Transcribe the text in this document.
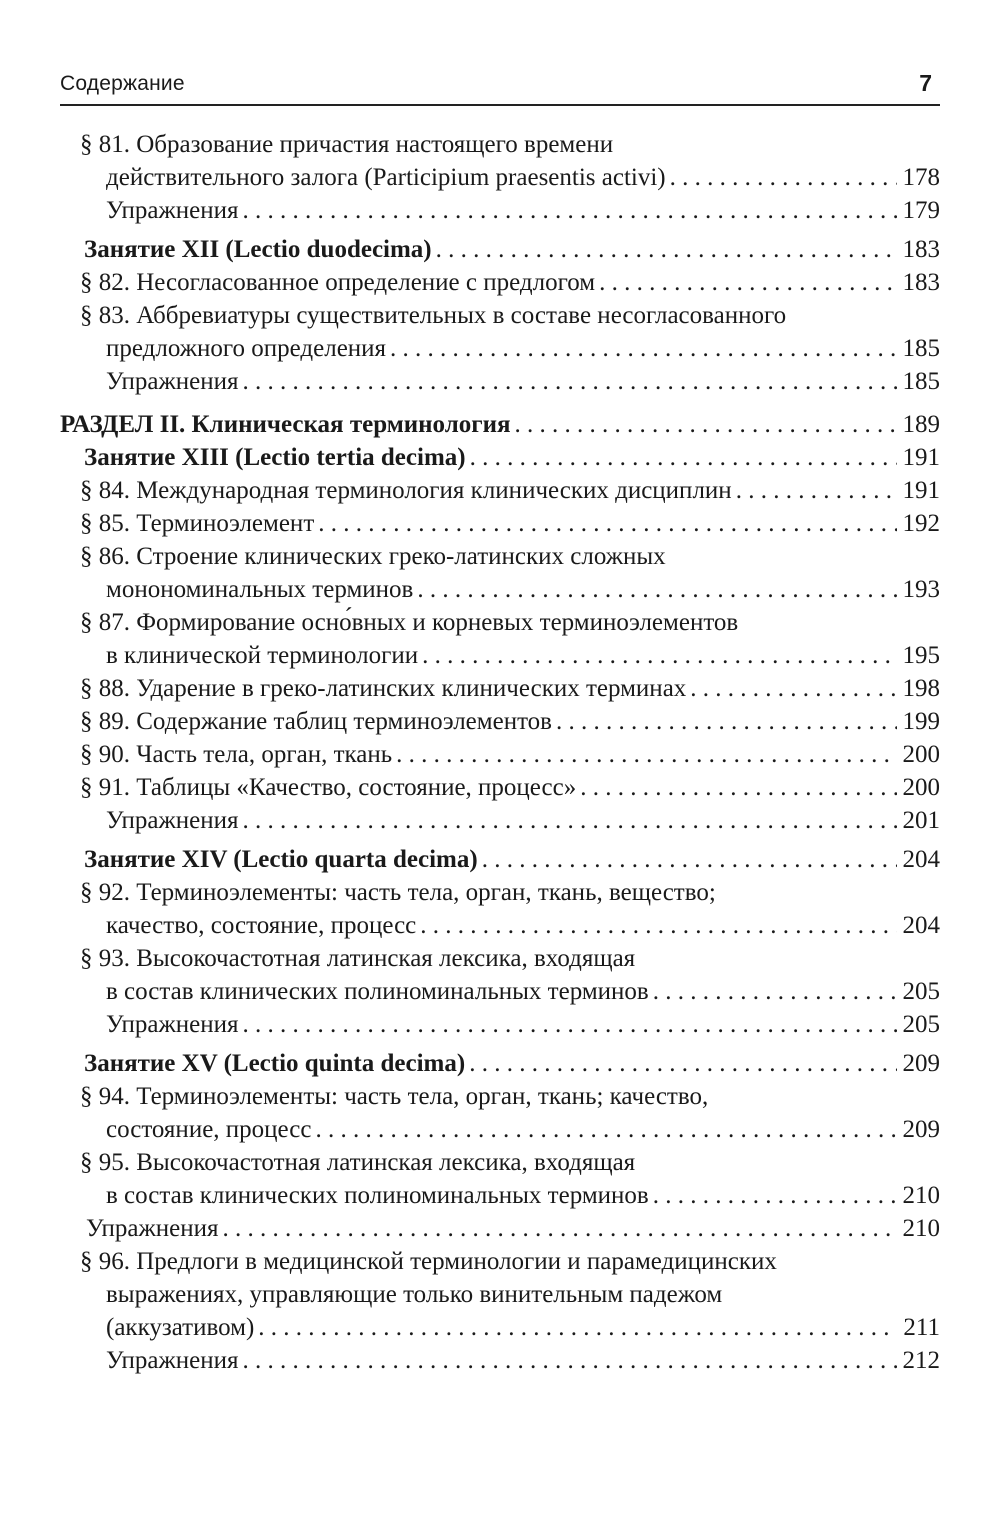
Содержание	7
§ 81. Образование причастия настоящего времени
действительного залога (Participium praesentis activi) . . .	178
Упражнения . . .	179
Занятие XII (Lectio duodecima) . . .	183
§ 82. Несогласованное определение с предлогом . . .	183
§ 83. Аббревиатуры существительных в составе несогласованного
предложного определения . . .	185
Упражнения . . .	185
РАЗДЕЛ II. Клиническая терминология . . .	189
Занятие XIII (Lectio tertia decima) . . .	191
§ 84. Международная терминология клинических дисциплин . . .	191
§ 85. Терминоэлемент . . .	192
§ 86. Строение клинических греко-латинских сложных
монономинальных терминов . . .	193
§ 87. Формирование осно́вных и корневых терминоэлементов
в клинической терминологии . . .	195
§ 88. Ударение в греко-латинских клинических терминах . . .	198
§ 89. Содержание таблиц терминоэлементов . . .	199
§ 90. Часть тела, орган, ткань . . .	200
§ 91. Таблицы «Качество, состояние, процесс» . . .	200
Упражнения . . .	201
Занятие XIV (Lectio quarta decima) . . .	204
§ 92. Терминоэлементы: часть тела, орган, ткань, вещество;
качество, состояние, процесс . . .	204
§ 93. Высокочастотная латинская лексика, входящая
в состав клинических полиноминальных терминов . . .	205
Упражнения . . .	205
Занятие XV (Lectio quinta decima) . . .	209
§ 94. Терминоэлементы: часть тела, орган, ткань; качество,
состояние, процесс . . .	209
§ 95. Высокочастотная латинская лексика, входящая
в состав клинических полиноминальных терминов . . .	210
Упражнения . . .	210
§ 96. Предлоги в медицинской терминологии и парамедицинских
выражениях, управляющие только винительным падежом
(аккузативом) . . .	211
Упражнения . . .	212
